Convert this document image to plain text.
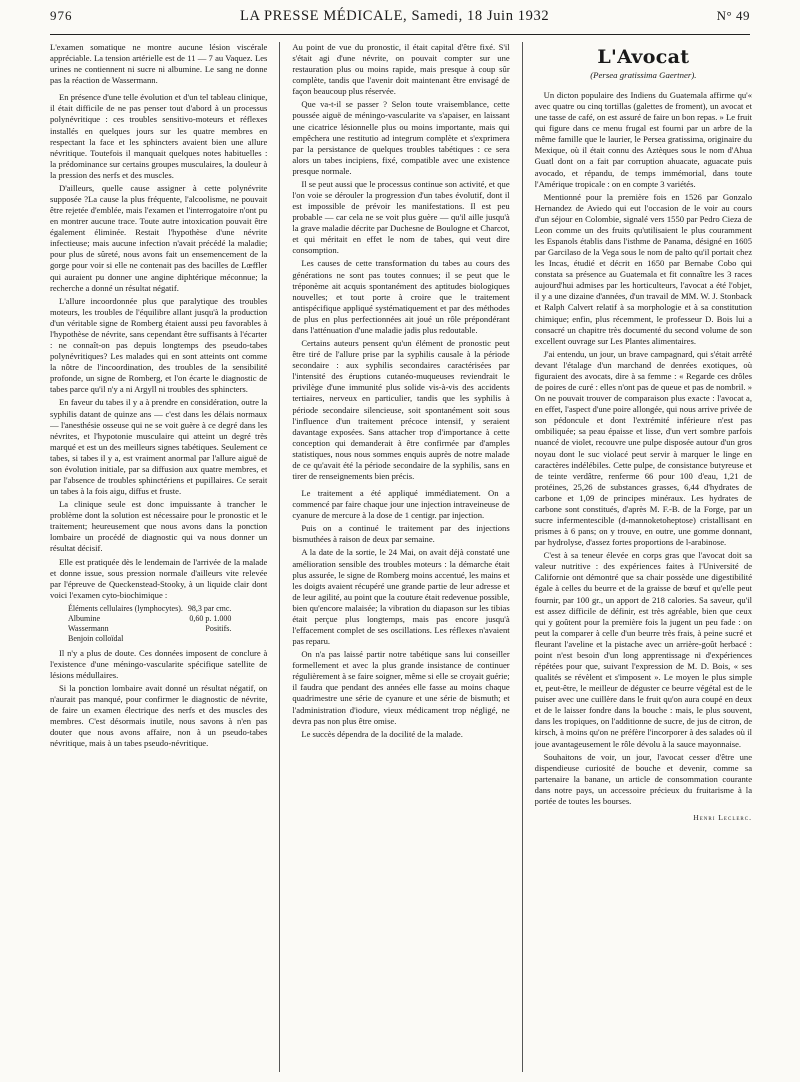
976	LA PRESSE MÉDICALE, Samedi, 18 Juin 1932	N° 49

L'examen somatique ne montre aucune lésion viscérale appréciable. La tension artérielle est de 11 — 7 au Vaquez. Les urines ne contiennent ni sucre ni albumine. Le sang ne donne pas la réaction de Wassermann.

En présence d'une telle évolution et d'un tel tableau clinique, il était difficile de ne pas penser tout d'abord à un processus polynévritique : ces troubles sensitivo-moteurs et réflexes installés en quelques jours sur les quatre membres en respectant la face et les sphincters avaient bien une allure névritique. Toutefois il manquait quelques notes habituelles : la prédominance sur certains groupes musculaires, la douleur à la pression des nerfs et des muscles.

D'ailleurs, quelle cause assigner à cette polynévrite supposée ?La cause la plus fréquente, l'alcoolisme, ne pouvait être rejetée d'emblée, mais l'examen et l'interrogatoire n'ont pu en montrer aucune trace. Toute autre intoxication pouvait être également éliminée. Restait l'hypothèse d'une névrite infectieuse; mais aucune infection n'avait précédé la maladie; pour plus de sûreté, nous avons fait un ensemencement de la gorge pour voir si elle ne contenait pas des bacilles de Lœffler qui auraient pu donner une angine diphtérique méconnue; la recherche a donné un résultat négatif.

L'allure incoordonnée plus que paralytique des troubles moteurs, les troubles de l'équilibre allant jusqu'à la production d'un véritable signe de Romberg étaient aussi peu favorables à l'hypothèse de névrite, sans cependant être suffisants à l'écarter : ne connaît-on pas depuis longtemps des pseudo-tabes polynévritiques? Les malades qui en sont atteints ont comme la nôtre de l'incoordination, des troubles de la sensibilité profonde, un signe de Romberg, et l'on écarte le diagnostic de tabes parce qu'il n'y a ni Argyll ni troubles des sphincters.

En faveur du tabes il y a à prendre en considération, outre la syphilis datant de quinze ans — c'est dans les délais normaux — l'anesthésie osseuse qui ne se voit guère à ce degré dans les névrites, et l'hypotonie musculaire qui atteint un degré très marqué et est un des meilleurs signes tabétiques. Seulement ce tabes, si tabes il y a, est vraiment anormal par l'allure aiguë de son évolution initiale, par sa diffusion aux quatre membres, et par l'absence de troubles sphinctériens et pupillaires. Ce serait un tabes à la fois aigu, diffus et fruste.

La clinique seule est donc impuissante à trancher le problème dont la solution est nécessaire pour le pronostic et le traitement; heureusement que nous avons dans la ponction lombaire un procédé de diagnostic qui va nous donner un résultat décisif.

Elle est pratiquée dès le lendemain de l'arrivée de la malade et donne issue, sous pression normale d'ailleurs vite relevée par l'épreuve de Queckenstead-Stooky, à un liquide clair dont voici l'examen cyto-biochimique :

Éléments cellulaires (lymphocytes).	98,3 par cmc.
Albumine	0,60 p. 1.000
Wassermann	Positifs.
Benjoin colloïdal	

Il n'y a plus de doute. Ces données imposent de conclure à l'existence d'une méningo-vascularite spécifique satellite de lésions médullaires.

Si la ponction lombaire avait donné un résultat négatif, on n'aurait pas manqué, pour confirmer le diagnostic de névrite, de faire un examen électrique des nerfs et des muscles des membres. C'est désormais inutile, nous savons à n'en pas douter que nous avons affaire, non à un pseudo-tabes névritique, mais à un tabes pseudo-névritique.

Au point de vue du pronostic, il était capital d'être fixé. S'il s'était agi d'une névrite, on pouvait compter sur une restauration plus ou moins rapide, mais presque à coup sûr complète, tandis que l'avenir doit maintenant être envisagé de façon beaucoup plus réservée.

Que va-t-il se passer ? Selon toute vraisemblance, cette poussée aiguë de méningo-vascularite va s'apaiser, en laissant une cicatrice lésionnelle plus ou moins importante, mais qui empêchera une restitutio ad integrum complète et s'exprimera par la persistance de quelques troubles tabétiques : ce sera alors un tabes incipiens, fixé, compatible avec une existence presque normale.

Il se peut aussi que le processus continue son activité, et que l'on voie se dérouler la progression d'un tabes évolutif, dont il est impossible de prévoir les manifestations. Il est peu probable — car cela ne se voit plus guère — qu'il aille jusqu'à la grave maladie décrite par Duchesne de Boulogne et Charcot, et qui méritait en effet le nom de tabes, qui veut dire consomption.

Les causes de cette transformation du tabes au cours des générations ne sont pas toutes connues; il se peut que le tréponème ait acquis spontanément des aptitudes biologiques nouvelles; et tout porte à croire que le traitement antispécifique appliqué systématiquement et par des méthodes de plus en plus perfectionnées ait joué un rôle prépondérant dans l'atténuation d'une maladie jadis plus redoutable.

Certains auteurs pensent qu'un élément de pronostic peut être tiré de l'allure prise par la syphilis causale à la période secondaire : aux syphilis secondaires caractérisées par l'intensité des éruptions cutanéo-muqueuses reviendrait le privilège d'une immunité plus solide vis-à-vis des accidents tertiaires, nerveux en particulier, tandis que les syphilis à période secondaire silencieuse, soit spontanément soit sous l'influence d'un traitement précoce intensif, y seraient davantage exposées. Sans attacher trop d'importance à cette conception qui demanderait à être confirmée par d'amples statistiques, nous nous sommes enquis auprès de notre malade de ce qu'avait été la période secondaire de la syphilis, sans en tirer de renseignements bien précis.

Le traitement a été appliqué immédiatement. On a commencé par faire chaque jour une injection intraveineuse de cyanure de mercure à la dose de 1 centigr. par injection.

Puis on a continué le traitement par des injections bismuthées à raison de deux par semaine.

A la date de la sortie, le 24 Mai, on avait déjà constaté une amélioration sensible des troubles moteurs : la démarche était plus assurée, le signe de Romberg moins accentué, les mains et les doigts avaient récupéré une grande partie de leur adresse et de leur agilité, au point que la couture était redevenue possible, bien qu'encore malaisée; la vibration du diapason sur les tibias était perçue plus longtemps, mais pas encore jusqu'à l'effacement complet de ses oscillations. Les réflexes n'avaient pas reparu.

On n'a pas laissé partir notre tabétique sans lui conseiller formellement et avec la plus grande insistance de continuer régulièrement à se faire soigner, même si elle se croyait guérie; il faudra que pendant des années elle fasse au moins chaque quadrimestre une série de cyanure et une série de bismuth; et l'administration d'iodure, vieux médicament trop négligé, ne devra pas non plus être omise.

Le succès dépendra de la docilité de la malade.

L'Avocat
(Persea gratissima Gaertner).

Un dicton populaire des Indiens du Guatemala affirme qu'« avec quatre ou cinq tortillas (galettes de froment), un avocat et une tasse de café, on est assuré de faire un bon repas. » Le fruit qui figure dans ce menu frugal est fourni par un arbre de la même famille que le laurier, le Persea gratissima, originaire du Mexique, où il était connu des Aztèques sous le nom d'Ahua Guatl dont on a fait par corruption ahuacate, aguacate puis avocado, et répandu, de temps immémorial, dans toute l'Amérique tropicale : on en compte 3 variétés.

Mentionné pour la première fois en 1526 par Gonzalo Hernandez de Aviedo qui eut l'occasion de le voir au cours d'un séjour en Colombie, signalé vers 1550 par Pedro Cieza de Leon comme un des fruits qu'utilisaient le plus couramment les Espanols établis dans l'isthme de Panama, désigné en 1605 par Garcilaso de la Vega sous le nom de palto qu'il portait chez les Incas, étudié et décrit en 1650 par Bernabe Cobo qui constata sa présence au Guatemala et fit connaître les 3 races aujourd'hui admises par les horticulteurs, l'avocat a été l'objet, il y a une dizaine d'années, d'un travail de MM. W. J. Stonback et Ralph Calvert relatif à sa morphologie et à sa constitution chimique; enfin, plus récemment, le professeur D. Bois lui a consacré un chapitre très documenté du second volume de son excellent ouvrage sur Les Plantes alimentaires.

J'ai entendu, un jour, un brave campagnard, qui s'était arrêté devant l'étalage d'un marchand de denrées exotiques, où figuraient des avocats, dire à sa femme : « Regarde ces drôles de poires de curé : elles n'ont pas de queue et pas de nombril. » On ne pouvait trouver de comparaison plus exacte : l'avocat a, en effet, l'aspect d'une poire allongée, qui nous arrive privée de son pédoncule et dont l'extrémité inférieure n'est pas ombiliquée; sa peau épaisse et lisse, d'un vert sombre parfois nuancé de violet, recouvre une pulpe disposée autour d'un gros noyau dont le suc violacé peut servir à marquer le linge en caractères indélébiles. Cette pulpe, de consistance butyreuse et de teinte verdâtre, renferme 66 pour 100 d'eau, 1,21 de protéines, 25,26 de substances grasses, 6,44 d'hydrates de carbone et 1,09 de principes minéraux. Les hydrates de carbone sont constitués, d'après M. F.-B. de la Forge, par un sucre infermentescible (d-mannoketoheptose) cristallisant en prismes à 6 pans; on y trouve, en outre, une gomme donnant, par hydrolyse, d'assez fortes proportions de l-arabinose.

C'est à sa teneur élevée en corps gras que l'avocat doit sa valeur nutritive : des expériences faites à l'Université de Californie ont démontré que sa chair possède une digestibilité égale à celles du beurre et de la graisse de bœuf et qu'elle peut fournir, par 100 gr., un apport de 218 calories. Sa saveur, qu'il est assez difficile de définir, est très agréable, bien que ceux qui y goûtent pour la première fois la jugent un peu fade : on peut la comparer à celle d'un beurre très frais, à peine sucré et fleurant l'aveline et la pistache avec un arrière-goût herbacé : point n'est besoin d'un long apprentissage ni d'expériences répétées pour que, suivant l'expression de M. D. Bois, « ses qualités se révèlent et s'imposent ». Le moyen le plus simple et, peut-être, le meilleur de déguster ce beurre végétal est de le puiser avec une cuillère dans le fruit qu'on aura coupé en deux et de le laisser fondre dans la bouche : mais, le plus souvent, dans les tropiques, on l'additionne de sucre, de jus de citron, de kirsch, à moins qu'on ne préfère l'incorporer à des salades où il joue avantageusement le rôle dévolu à la sauce mayonnaise.

Souhaitons de voir, un jour, l'avocat cesser d'être une dispendieuse curiosité de bouche et devenir, comme sa partenaire la banane, un article de consommation courante dans notre pays, un accessoire précieux du fruitarisme à la portée de toutes les bourses.

Henri Leclerc.
